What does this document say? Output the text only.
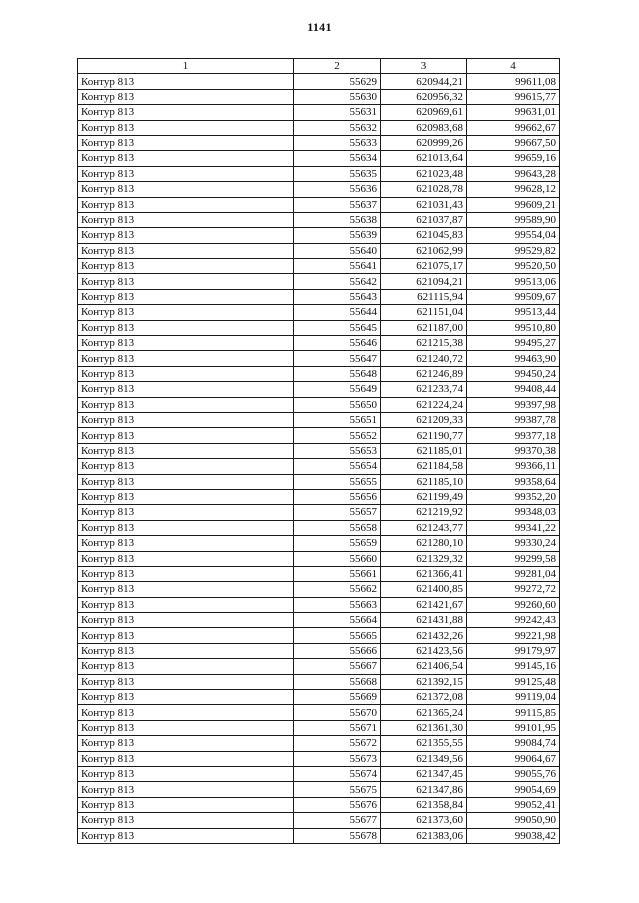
1141
1	2	3	4
Контур 813	55629	620944,21	99611,08
Контур 813	55630	620956,32	99615,77
Контур 813	55631	620969,61	99631,01
Контур 813	55632	620983,68	99662,67
Контур 813	55633	620999,26	99667,50
Контур 813	55634	621013,64	99659,16
Контур 813	55635	621023,48	99643,28
Контур 813	55636	621028,78	99628,12
Контур 813	55637	621031,43	99609,21
Контур 813	55638	621037,87	99589,90
Контур 813	55639	621045,83	99554,04
Контур 813	55640	621062,99	99529,82
Контур 813	55641	621075,17	99520,50
Контур 813	55642	621094,21	99513,06
Контур 813	55643	621115,94	99509,67
Контур 813	55644	621151,04	99513,44
Контур 813	55645	621187,00	99510,80
Контур 813	55646	621215,38	99495,27
Контур 813	55647	621240,72	99463,90
Контур 813	55648	621246,89	99450,24
Контур 813	55649	621233,74	99408,44
Контур 813	55650	621224,24	99397,98
Контур 813	55651	621209,33	99387,78
Контур 813	55652	621190,77	99377,18
Контур 813	55653	621185,01	99370,38
Контур 813	55654	621184,58	99366,11
Контур 813	55655	621185,10	99358,64
Контур 813	55656	621199,49	99352,20
Контур 813	55657	621219,92	99348,03
Контур 813	55658	621243,77	99341,22
Контур 813	55659	621280,10	99330,24
Контур 813	55660	621329,32	99299,58
Контур 813	55661	621366,41	99281,04
Контур 813	55662	621400,85	99272,72
Контур 813	55663	621421,67	99260,60
Контур 813	55664	621431,88	99242,43
Контур 813	55665	621432,26	99221,98
Контур 813	55666	621423,56	99179,97
Контур 813	55667	621406,54	99145,16
Контур 813	55668	621392,15	99125,48
Контур 813	55669	621372,08	99119,04
Контур 813	55670	621365,24	99115,85
Контур 813	55671	621361,30	99101,95
Контур 813	55672	621355,55	99084,74
Контур 813	55673	621349,56	99064,67
Контур 813	55674	621347,45	99055,76
Контур 813	55675	621347,86	99054,69
Контур 813	55676	621358,84	99052,41
Контур 813	55677	621373,60	99050,90
Контур 813	55678	621383,06	99038,42
